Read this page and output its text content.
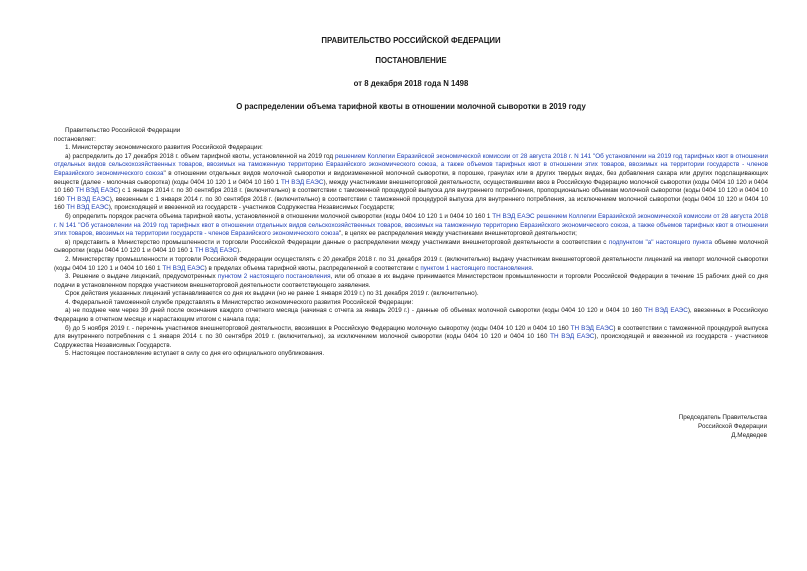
ПРАВИТЕЛЬСТВО РОССИЙСКОЙ ФЕДЕРАЦИИ
ПОСТАНОВЛЕНИЕ
от 8 декабря 2018 года N 1498
О распределении объема тарифной квоты в отношении молочной сыворотки в 2019 году

Правительство Российской Федерации

постановляет:

1. Министерству экономического развития Российской Федерации:

а) распределить до 17 декабря 2018 г. объем тарифной квоты, установленной на 2019 год решением Коллегии Евразийской экономической комиссии от 28 августа 2018 г. N 141 "Об установлении на 2019 год тарифных квот в отношении отдельных видов сельскохозяйственных товаров, ввозимых на таможенную территорию Евразийского экономического союза, а также объемов тарифных квот в отношении этих товаров, ввозимых на территории государств - членов Евразийского экономического союза" в отношении отдельных видов молочной сыворотки и видоизмененной молочной сыворотки, в порошке, гранулах или в других твердых видах, без добавления сахара или других подслащивающих веществ (далее - молочная сыворотка) (коды 0404 10 120 1 и 0404 10 160 1 ТН ВЭД ЕАЭС), между участниками внешнеторговой деятельности, осуществившими ввоз в Российскую Федерацию молочной сыворотки (коды 0404 10 120 и 0404 10 160 ТН ВЭД ЕАЭС) с 1 января 2014 г. по 30 сентября 2018 г. (включительно) в соответствии с таможенной процедурой выпуска для внутреннего потребления, пропорционально объемам молочной сыворотки (коды 0404 10 120 и 0404 10 160 ТН ВЭД ЕАЭС), ввезенным с 1 января 2014 г. по 30 сентября 2018 г. (включительно) в соответствии с таможенной процедурой выпуска для внутреннего потребления, за исключением молочной сыворотки (коды 0404 10 120 и 0404 10 160 ТН ВЭД ЕАЭС), происходящей и ввезенной из государств - участников Содружества Независимых Государств;

б) определить порядок расчета объема тарифной квоты, установленной в отношении молочной сыворотки (коды 0404 10 120 1 и 0404 10 160 1 ТН ВЭД ЕАЭС решением Коллегии Евразийской экономической комиссии от 28 августа 2018 г. N 141 "Об установлении на 2019 год тарифных квот в отношении отдельных видов сельскохозяйственных товаров, ввозимых на таможенную территорию Евразийского экономического союза, а также объемов тарифных квот в отношении этих товаров, ввозимых на территории государств - членов Евразийского экономического союза", в целях ее распределения между участниками внешнеторговой деятельности;

в) представить в Министерство промышленности и торговли Российской Федерации данные о распределении между участниками внешнеторговой деятельности в соответствии с подпунктом "а" настоящего пункта объеме молочной сыворотки (коды 0404 10 120 1 и 0404 10 160 1 ТН ВЭД ЕАЭС).

2. Министерству промышленности и торговли Российской Федерации осуществлять с 20 декабря 2018 г. по 31 декабря 2019 г. (включительно) выдачу участникам внешнеторговой деятельности лицензий на импорт молочной сыворотки (коды 0404 10 120 1 и 0404 10 160 1 ТН ВЭД ЕАЭС) в пределах объема тарифной квоты, распределенной в соответствии с пунктом 1 настоящего постановления.

3. Решение о выдаче лицензий, предусмотренных пунктом 2 настоящего постановления, или об отказе в их выдаче принимается Министерством промышленности и торговли Российской Федерации в течение 15 рабочих дней со дня подачи в установленном порядке участником внешнеторговой деятельности соответствующего заявления.

Срок действия указанных лицензий устанавливается со дня их выдачи (но не ранее 1 января 2019 г.) по 31 декабря 2019 г. (включительно).

4. Федеральной таможенной службе представлять в Министерство экономического развития Российской Федерации:

а) не позднее чем через 39 дней после окончания каждого отчетного месяца (начиная с отчета за январь 2019 г.) - данные об объемах молочной сыворотки (коды 0404 10 120 и 0404 10 160 ТН ВЭД ЕАЭС), ввезенных в Российскую Федерацию в отчетном месяце и нарастающим итогом с начала года;

б) до 5 ноября 2019 г. - перечень участников внешнеторговой деятельности, ввозивших в Российскую Федерацию молочную сыворотку (коды 0404 10 120 и 0404 10 160 ТН ВЭД ЕАЭС) в соответствии с таможенной процедурой выпуска для внутреннего потребления с 1 января 2014 г. по 30 сентября 2019 г. (включительно), за исключением молочной сыворотки (коды 0404 10 120 и 0404 10 160 ТН ВЭД ЕАЭС), происходящей и ввезенной из государств - участников Содружества Независимых Государств.

5. Настоящее постановление вступает в силу со дня его официального опубликования.

Председатель Правительства
Российской Федерации
Д.Медведев
